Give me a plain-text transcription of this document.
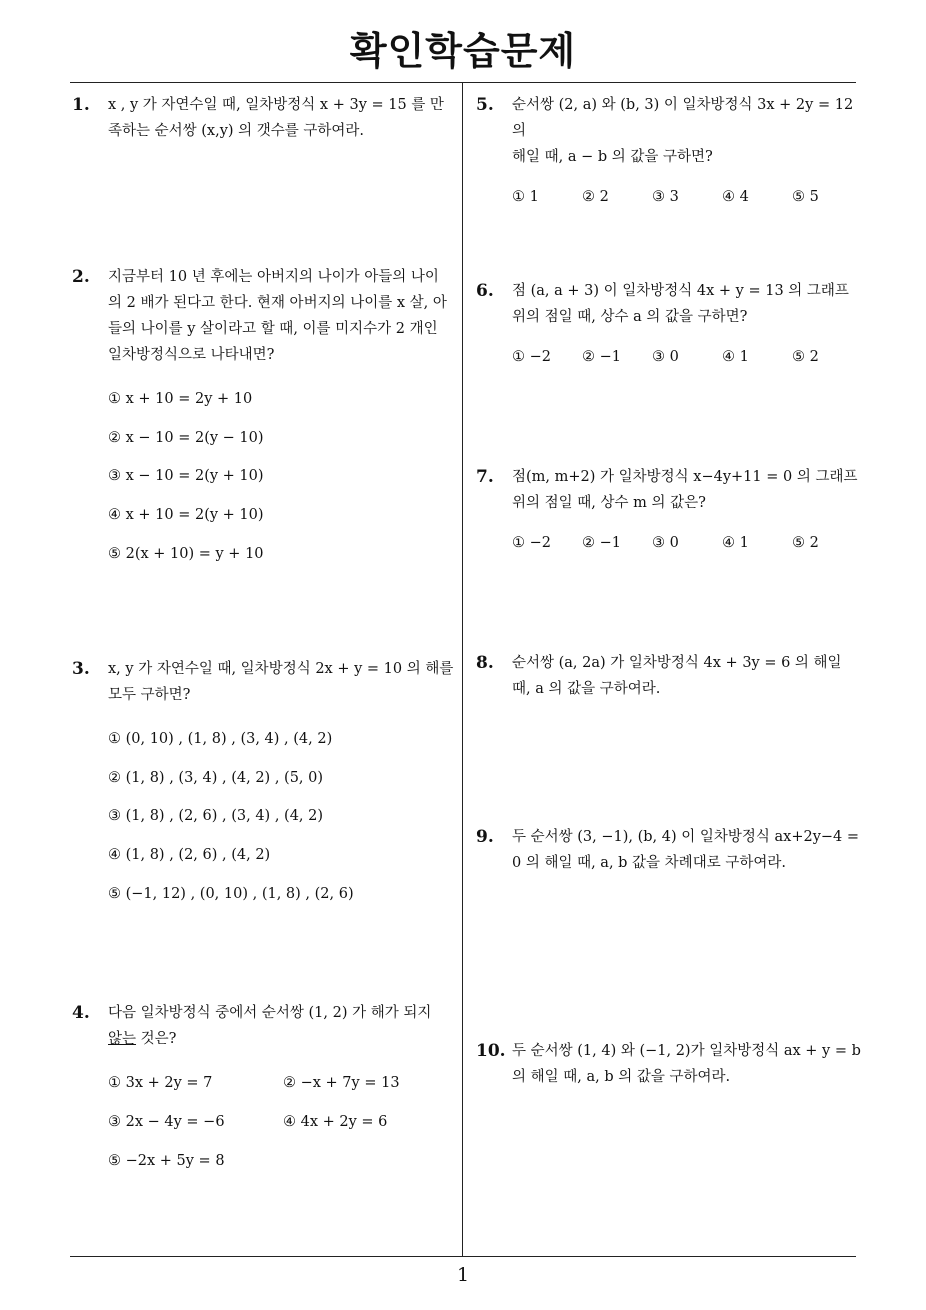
확인학습문제
1
1. x , y 가 자연수일 때, 일차방정식 x + 3y = 15 를 만
족하는 순서쌍 (x,y) 의 갯수를 구하여라.
2. 지금부터 10 년 후에는 아버지의 나이가 아들의 나이
의 2 배가 된다고 한다. 현재 아버지의 나이를 x 살, 아
들의 나이를 y 살이라고 할 때, 이를 미지수가 2 개인
일차방정식으로 나타내면?
① x + 10 = 2y + 10
② x − 10 = 2(y − 10)
③ x − 10 = 2(y + 10)
④ x + 10 = 2(y + 10)
⑤ 2(x + 10) = y + 10
3. x, y 가 자연수일 때, 일차방정식 2x + y = 10 의 해를
모두 구하면?
① (0, 10) , (1, 8) , (3, 4) , (4, 2)
② (1, 8) , (3, 4) , (4, 2) , (5, 0)
③ (1, 8) , (2, 6) , (3, 4) , (4, 2)
④ (1, 8) , (2, 6) , (4, 2)
⑤ (−1, 12) , (0, 10) , (1, 8) , (2, 6)
4. 다음 일차방정식 중에서 순서쌍 (1, 2) 가 해가 되지
않는 것은?
① 3x + 2y = 7	② −x + 7y = 13
③ 2x − 4y = −6	④ 4x + 2y = 6
⑤ −2x + 5y = 8
5. 순서쌍 (2, a) 와 (b, 3) 이 일차방정식 3x + 2y = 12 의
해일 때, a − b 의 값을 구하면?
① 1	② 2	③ 3	④ 4	⑤ 5
6. 점 (a, a + 3) 이 일차방정식 4x + y = 13 의 그래프
위의 점일 때, 상수 a 의 값을 구하면?
① −2 ② −1 ③ 0	④ 1	⑤ 2
7. 점(m, m+2) 가 일차방정식 x−4y+11 = 0 의 그래프
위의 점일 때, 상수 m 의 값은?
① −2 ② −1 ③ 0	④ 1	⑤ 2
8. 순서쌍 (a, 2a) 가 일차방정식 4x + 3y = 6 의 해일
때, a 의 값을 구하여라.
9. 두 순서쌍 (3, −1), (b, 4) 이 일차방정식 ax+2y−4 =
0 의 해일 때, a, b 값을 차례대로 구하여라.
10. 두 순서쌍 (1, 4) 와 (−1, 2)가 일차방정식 ax + y = b
의 해일 때, a, b 의 값을 구하여라.
